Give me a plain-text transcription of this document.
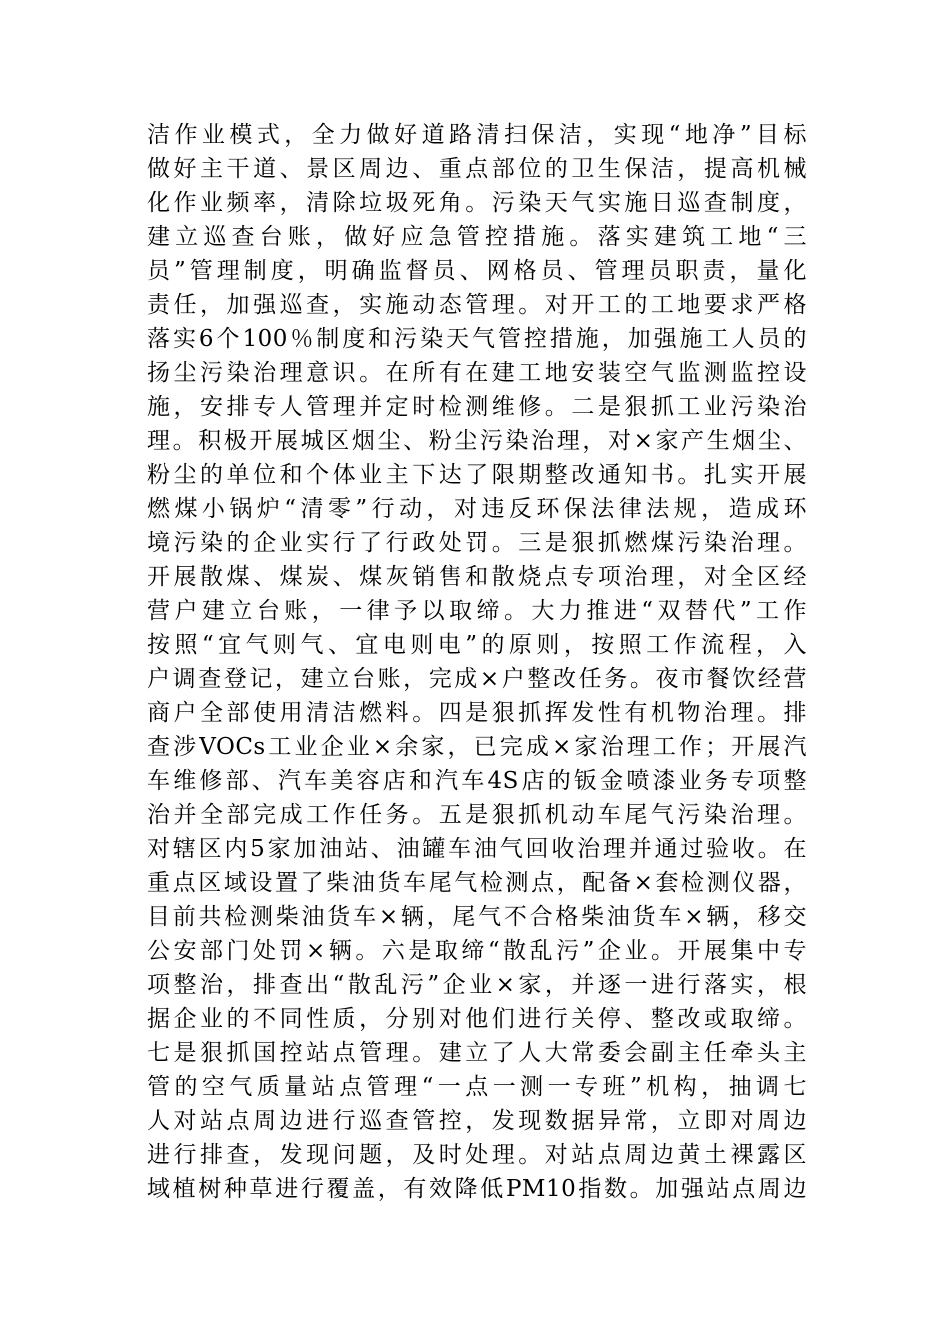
洁作业模式，全力做好道路清扫保洁，实现“地净”目标
做好主干道、景区周边、重点部位的卫生保洁，提高机械
化作业频率，清除垃圾死角。污染天气实施日巡查制度，
建立巡查台账，做好应急管控措施。落实建筑工地“三
员”管理制度，明确监督员、网格员、管理员职责，量化
责任，加强巡查，实施动态管理。对开工的工地要求严格
落实6个100％制度和污染天气管控措施，加强施工人员的
扬尘污染治理意识。在所有在建工地安装空气监测监控设
施，安排专人管理并定时检测维修。二是狠抓工业污染治
理。积极开展城区烟尘、粉尘污染治理，对×家产生烟尘、
粉尘的单位和个体业主下达了限期整改通知书。扎实开展
燃煤小锅炉“清零”行动，对违反环保法律法规，造成环
境污染的企业实行了行政处罚。三是狠抓燃煤污染治理。
开展散煤、煤炭、煤灰销售和散烧点专项治理，对全区经
营户建立台账，一律予以取缔。大力推进“双替代”工作
按照“宜气则气、宜电则电”的原则，按照工作流程，入
户调查登记，建立台账，完成×户整改任务。夜市餐饮经营
商户全部使用清洁燃料。四是狠抓挥发性有机物治理。排
查涉VOCs工业企业×余家，已完成×家治理工作；开展汽
车维修部、汽车美容店和汽车4S店的钣金喷漆业务专项整
治并全部完成工作任务。五是狠抓机动车尾气污染治理。
对辖区内5家加油站、油罐车油气回收治理并通过验收。在
重点区域设置了柴油货车尾气检测点，配备×套检测仪器，
目前共检测柴油货车×辆，尾气不合格柴油货车×辆，移交
公安部门处罚×辆。六是取缔“散乱污”企业。开展集中专
项整治，排查出“散乱污”企业×家，并逐一进行落实，根
据企业的不同性质，分别对他们进行关停、整改或取缔。
七是狠抓国控站点管理。建立了人大常委会副主任牵头主
管的空气质量站点管理“一点一测一专班”机构，抽调七
人对站点周边进行巡查管控，发现数据异常，立即对周边
进行排查，发现问题，及时处理。对站点周边黄土裸露区
域植树种草进行覆盖，有效降低PM10指数。加强站点周边
